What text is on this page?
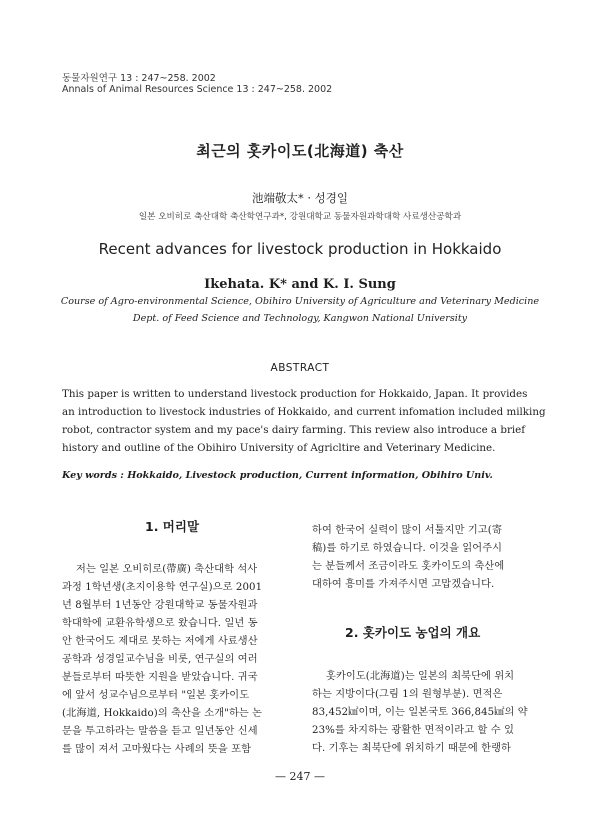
동물자원연구 13 : 247~258. 2002
Annals of Animal Resources Science 13 : 247~258. 2002
최근의 홋카이도(北海道) 축산
池端敬太* · 성경일
일본 오비히로 축산대학 축산학연구과*, 강원대학교 동물자원과학대학 사료생산공학과
Recent advances for livestock production in Hokkaido
Ikehata. K* and K. I. Sung
Course of Agro-environmental Science, Obihiro University of Agriculture and Veterinary Medicine
Dept. of Feed Science and Technology, Kangwon National University
ABSTRACT
This paper is written to understand livestock production for Hokkaido, Japan. It provides
an introduction to livestock industries of Hokkaido, and current infomation included milking
robot, contractor system and my pace's dairy farming. This review also introduce a brief
history and outline of the Obihiro University of Agricltire and Veterinary Medicine.
Key words : Hokkaido, Livestock production, Current information, Obihiro Univ.
1. 머리말
저는 일본 오비히로(帶廣) 축산대학 석사
과정 1학년생(초지이용학 연구실)으로 2001
년 8월부터 1년동안 강원대학교 동물자원과
학대학에 교환유학생으로 왔습니다. 일년 동
안 한국어도 제대로 못하는 저에게 사료생산
공학과 성경일교수님을 비롯, 연구실의 여러
분들로부터 따뜻한 지원을 받았습니다. 귀국
에 앞서 성교수님으로부터 "일본 홋카이도
(北海道, Hokkaido)의 축산을 소개"하는 논
문을 투고하라는 말씀을 듣고 일년동안 신세
를 많이 져서 고마웠다는 사례의 뜻을 포함
하여 한국어 실력이 많이 서툴지만 기고(寄
稿)를 하기로 하였습니다. 이것을 읽어주시
는 분들께서 조금이라도 홋카이도의 축산에
대하여 흥미를 가져주시면 고맙겠습니다.
2. 홋카이도 농업의 개요
홋카이도(北海道)는 일본의 최북단에 위치
하는 지방이다(그림 1의 원형부분). 면적은
83,452㎢이며, 이는 일본국토 366,845㎢의 약
23%를 차지하는 광활한 면적이라고 할 수 있
다. 기후는 최북단에 위치하기 때문에 한랭하
— 247 —
